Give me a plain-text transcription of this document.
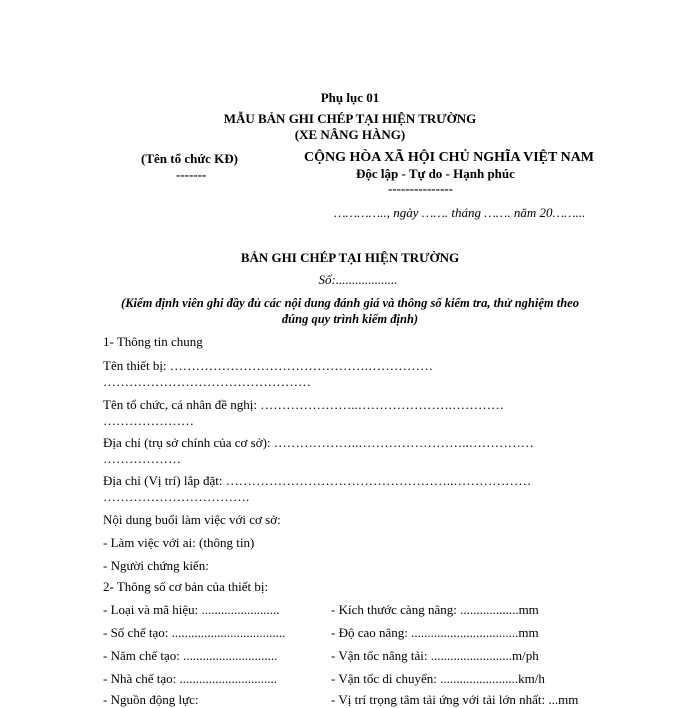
Phụ lục 01
MẪU BẢN GHI CHÉP TẠI HIỆN TRƯỜNG
(XE NÂNG HÀNG)
(Tên tổ chức KĐ)
-------
CỘNG HÒA XÃ HỘI CHỦ NGHĨA VIỆT NAM
Độc lập - Tự do - Hạnh phúc
---------------
………….., ngày ……. tháng ……. năm 20……...
BẢN GHI CHÉP TẠI HIỆN TRƯỜNG
Số:...................
(Kiểm định viên ghi đầy đủ các nội dung đánh giá và thông số kiểm tra, thử nghiệm theo
đúng quy trình kiểm định)
1- Thông tin chung
Tên thiết bị: ……………………………………….……………
…………………………………………
Tên tổ chức, cá nhân đề nghị: …………………..………………….…………
…………………
Địa chỉ (trụ sở chính của cơ sở): ………………..……………………..……………
………………
Địa chỉ (Vị trí) lắp đặt: ……………………………………………..………………
…………………………….
Nội dung buổi làm việc với cơ sở:
- Làm việc với ai: (thông tin)
- Người chứng kiến:
2- Thông số cơ bản của thiết bị:
- Loại và mã hiệu: ........................
- Số chế tạo: ...................................
- Năm chế tạo: .............................
- Nhà chế tạo: ..............................
- Nguồn động lực:
- Kích thước càng nâng: ..................mm
- Độ cao nâng: .................................mm
- Vận tốc nâng tải: .........................m/ph
- Vận tốc di chuyển: ........................km/h
- Vị trí trọng tâm tải ứng với tải lớn nhất: ...mm
